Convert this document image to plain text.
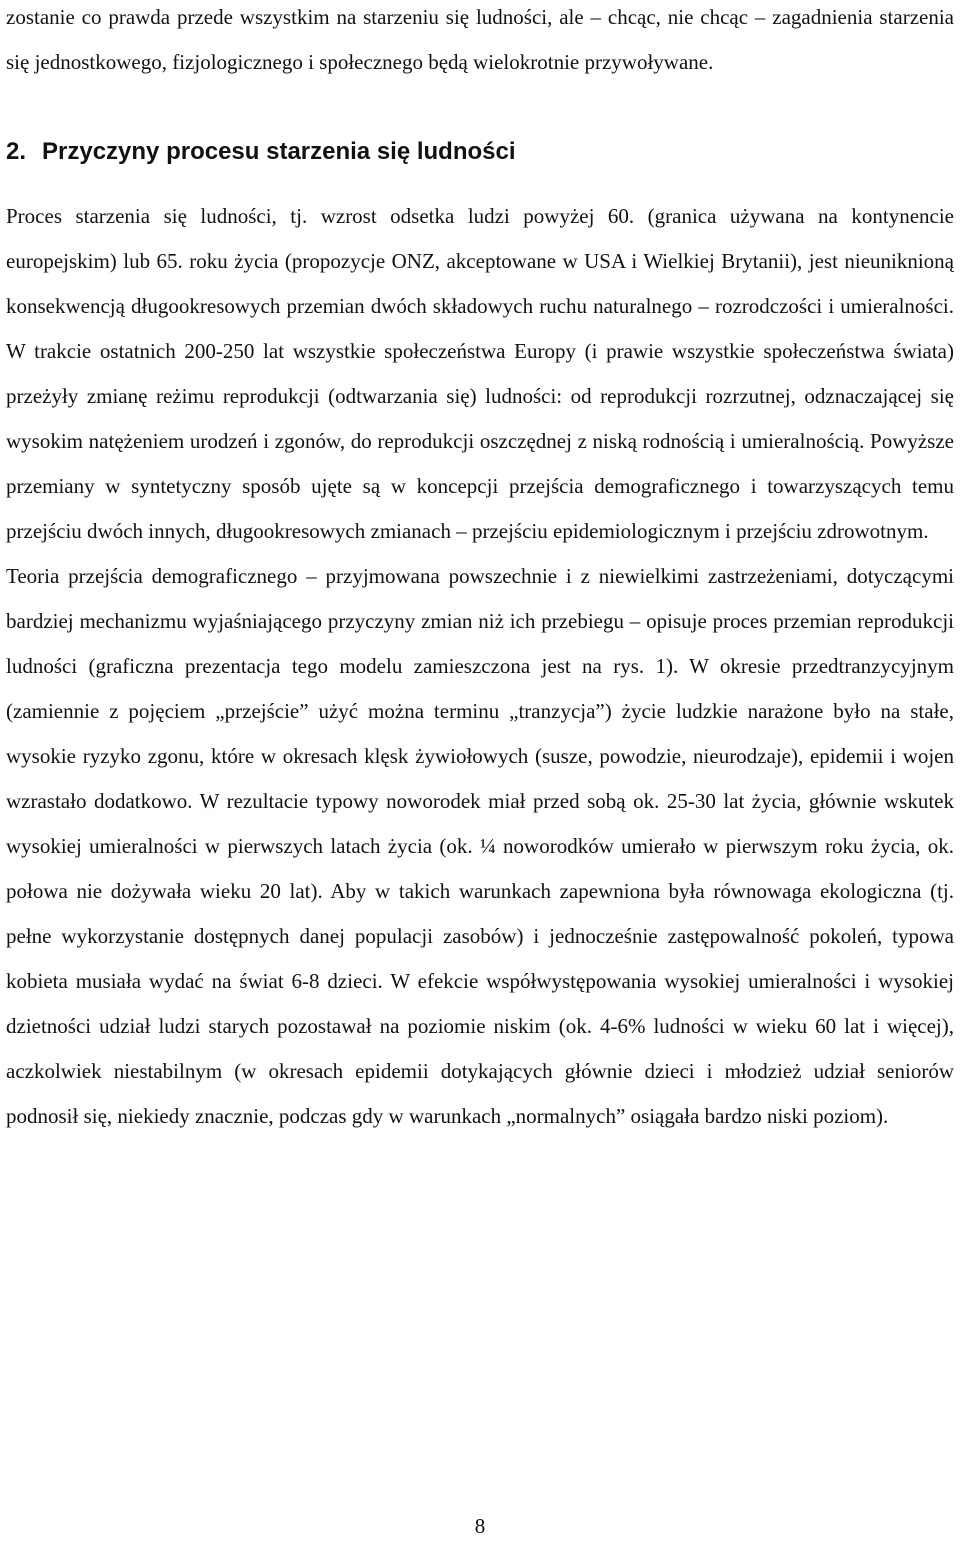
zostanie co prawda przede wszystkim na starzeniu się ludności, ale – chcąc, nie chcąc – zagadnienia starzenia się jednostkowego, fizjologicznego i społecznego będą wielokrotnie przywoływane.

2. Przyczyny procesu starzenia się ludności

Proces starzenia się ludności, tj. wzrost odsetka ludzi powyżej 60. (granica używana na kontynencie europejskim) lub 65. roku życia (propozycje ONZ, akceptowane w USA i Wielkiej Brytanii), jest nieuniknioną konsekwencją długookresowych przemian dwóch składowych ruchu naturalnego – rozrodczości i umieralności. W trakcie ostatnich 200-250 lat wszystkie społeczeństwa Europy (i prawie wszystkie społeczeństwa świata) przeżyły zmianę reżimu reprodukcji (odtwarzania się) ludności: od reprodukcji rozrzutnej, odznaczającej się wysokim natężeniem urodzeń i zgonów, do reprodukcji oszczędnej z niską rodnością i umieralnością. Powyższe przemiany w syntetyczny sposób ujęte są w koncepcji przejścia demograficznego i towarzyszących temu przejściu dwóch innych, długookresowych zmianach – przejściu epidemiologicznym i przejściu zdrowotnym.

Teoria przejścia demograficznego – przyjmowana powszechnie i z niewielkimi zastrzeżeniami, dotyczącymi bardziej mechanizmu wyjaśniającego przyczyny zmian niż ich przebiegu – opisuje proces przemian reprodukcji ludności (graficzna prezentacja tego modelu zamieszczona jest na rys. 1). W okresie przedtranzycyjnym (zamiennie z pojęciem „przejście” użyć można terminu „tranzycja”) życie ludzkie narażone było na stałe, wysokie ryzyko zgonu, które w okresach klęsk żywiołowych (susze, powodzie, nieurodzaje), epidemii i wojen wzrastało dodatkowo. W rezultacie typowy noworodek miał przed sobą ok. 25-30 lat życia, głównie wskutek wysokiej umieralności w pierwszych latach życia (ok. ¼ noworodków umierało w pierwszym roku życia, ok. połowa nie dożywała wieku 20 lat). Aby w takich warunkach zapewniona była równowaga ekologiczna (tj. pełne wykorzystanie dostępnych danej populacji zasobów) i jednocześnie zastępowalność pokoleń, typowa kobieta musiała wydać na świat 6-8 dzieci. W efekcie współwystępowania wysokiej umieralności i wysokiej dzietności udział ludzi starych pozostawał na poziomie niskim (ok. 4-6% ludności w wieku 60 lat i więcej), aczkolwiek niestabilnym (w okresach epidemii dotykających głównie dzieci i młodzież udział seniorów podnosił się, niekiedy znacznie, podczas gdy w warunkach „normalnych” osiągała bardzo niski poziom).

8
